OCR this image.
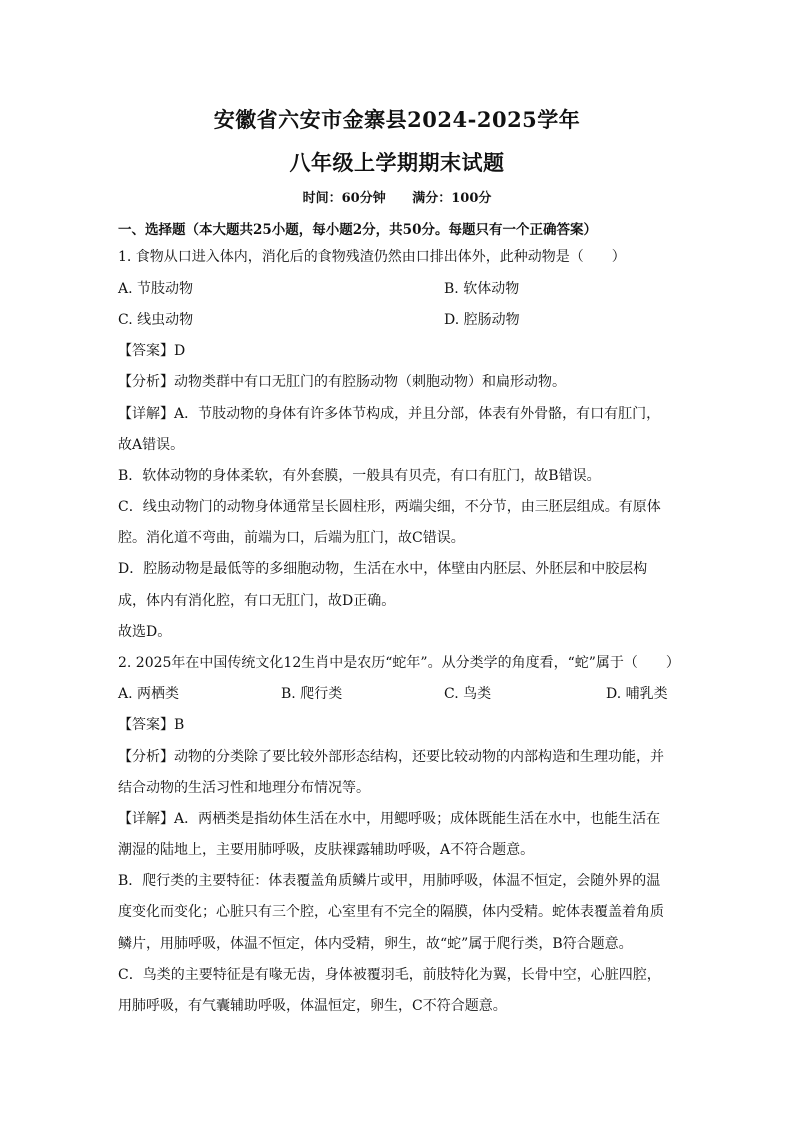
安徽省六安市金寨县2024-2025学年
八年级上学期期末试题
时间：60分钟 满分：100分
一、选择题（本大题共25小题，每小题2分，共50分。每题只有一个正确答案）
1. 食物从口进入体内，消化后的食物残渣仍然由口排出体外，此种动物是（　　）
A. 节肢动物	B. 软体动物
C. 线虫动物	D. 腔肠动物
【答案】D
【分析】动物类群中有口无肛门的有腔肠动物（刺胞动物）和扁形动物。
【详解】A．节肢动物的身体有许多体节构成，并且分部，体表有外骨骼，有口有肛门，
故A错误。
B．软体动物的身体柔软，有外套膜，一般具有贝壳，有口有肛门，故B错误。
C．线虫动物门的动物身体通常呈长圆柱形，两端尖细，不分节，由三胚层组成。有原体
腔。消化道不弯曲，前端为口，后端为肛门，故C错误。
D．腔肠动物是最低等的多细胞动物，生活在水中，体壁由内胚层、外胚层和中胶层构
成，体内有消化腔，有口无肛门，故D正确。
故选D。
2. 2025年在中国传统文化12生肖中是农历“蛇年”。从分类学的角度看，“蛇”属于（　　）
A. 两栖类	B. 爬行类	C. 鸟类	D. 哺乳类
【答案】B
【分析】动物的分类除了要比较外部形态结构，还要比较动物的内部构造和生理功能，并
结合动物的生活习性和地理分布情况等。
【详解】A．两栖类是指幼体生活在水中，用鳃呼吸；成体既能生活在水中，也能生活在
潮湿的陆地上，主要用肺呼吸，皮肤裸露辅助呼吸，A不符合题意。
B．爬行类的主要特征：体表覆盖角质鳞片或甲，用肺呼吸，体温不恒定，会随外界的温
度变化而变化；心脏只有三个腔，心室里有不完全的隔膜，体内受精。蛇体表覆盖着角质
鳞片，用肺呼吸，体温不恒定，体内受精，卵生，故“蛇”属于爬行类，B符合题意。
C．鸟类的主要特征是有喙无齿，身体被覆羽毛，前肢特化为翼，长骨中空，心脏四腔，
用肺呼吸，有气囊辅助呼吸，体温恒定，卵生，C不符合题意。
